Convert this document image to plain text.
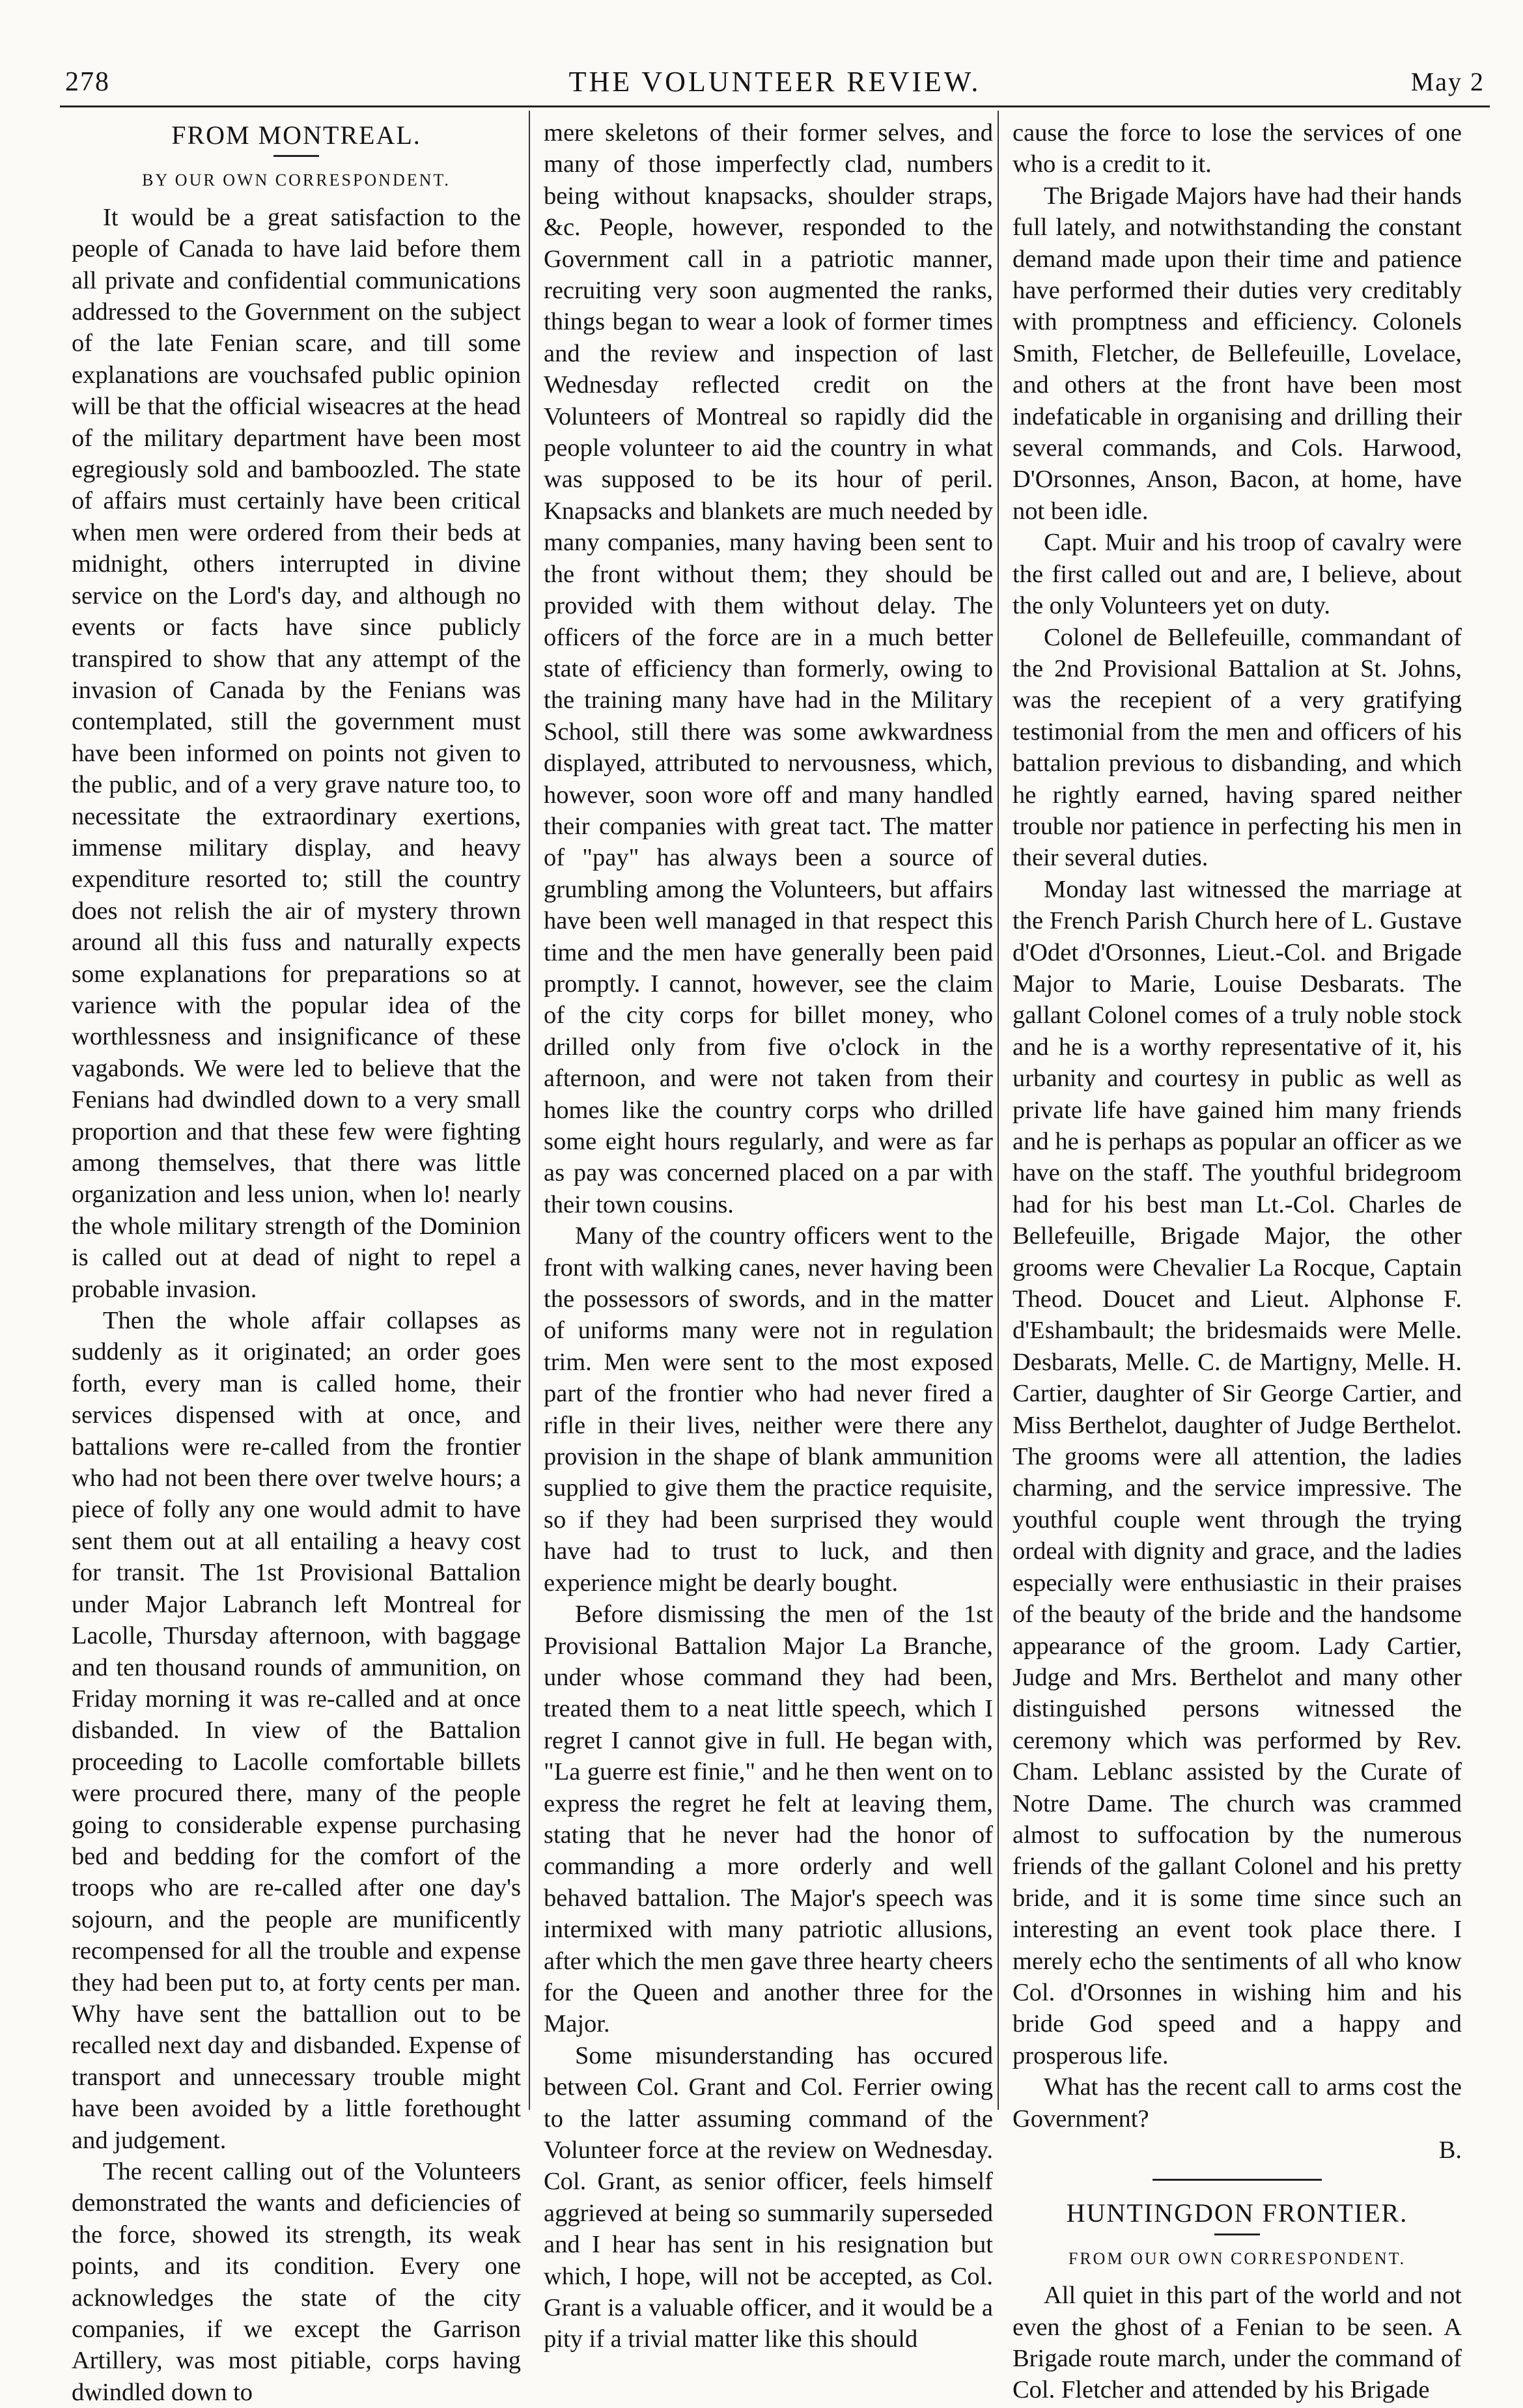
278	THE VOLUNTEER REVIEW.	May 2
FROM MONTREAL.
BY OUR OWN CORRESPONDENT.

It would be a great satisfaction to the people of Canada to have laid before them all private and confidential communications addressed to the Government on the subject of the late Fenian scare, and till some explanations are vouchsafed public opinion will be that the official wiseacres at the head of the military department have been most egregiously sold and bamboozled. The state of affairs must certainly have been critical when men were ordered from their beds at midnight, others interrupted in divine service on the Lord's day, and although no events or facts have since publicly transpired to show that any attempt of the invasion of Canada by the Fenians was contemplated, still the government must have been informed on points not given to the public, and of a very grave nature too, to necessitate the extraordinary exertions, immense military display, and heavy expenditure resorted to; still the country does not relish the air of mystery thrown around all this fuss and naturally expects some explanations for preparations so at varience with the popular idea of the worthlessness and insignificance of these vagabonds. We were led to believe that the Fenians had dwindled down to a very small proportion and that these few were fighting among themselves, that there was little organization and less union, when lo! nearly the whole military strength of the Dominion is called out at dead of night to repel a probable invasion.

Then the whole affair collapses as suddenly as it originated; an order goes forth, every man is called home, their services dispensed with at once, and battalions were re-called from the frontier who had not been there over twelve hours; a piece of folly any one would admit to have sent them out at all entailing a heavy cost for transit. The 1st Provisional Battalion under Major Labranch left Montreal for Lacolle, Thursday afternoon, with baggage and ten thousand rounds of ammunition, on Friday morning it was re-called and at once disbanded. In view of the Battalion proceeding to Lacolle comfortable billets were procured there, many of the people going to considerable expense purchasing bed and bedding for the comfort of the troops who are re-called after one day's sojourn, and the people are munificently recompensed for all the trouble and expense they had been put to, at forty cents per man. Why have sent the battallion out to be recalled next day and disbanded. Expense of transport and unnecessary trouble might have been avoided by a little forethought and judgement.

The recent calling out of the Volunteers demonstrated the wants and deficiencies of the force, showed its strength, its weak points, and its condition. Every one acknowledges the state of the city companies, if we except the Garrison Artillery, was most pitiable, corps having dwindled down to

mere skeletons of their former selves, and many of those imperfectly clad, numbers being without knapsacks, shoulder straps, &c. People, however, responded to the Government call in a patriotic manner, recruiting very soon augmented the ranks, things began to wear a look of former times and the review and inspection of last Wednesday reflected credit on the Volunteers of Montreal so rapidly did the people volunteer to aid the country in what was supposed to be its hour of peril. Knapsacks and blankets are much needed by many companies, many having been sent to the front without them; they should be provided with them without delay. The officers of the force are in a much better state of efficiency than formerly, owing to the training many have had in the Military School, still there was some awkwardness displayed, attributed to nervousness, which, however, soon wore off and many handled their companies with great tact. The matter of "pay" has always been a source of grumbling among the Volunteers, but affairs have been well managed in that respect this time and the men have generally been paid promptly. I cannot, however, see the claim of the city corps for billet money, who drilled only from five o'clock in the afternoon, and were not taken from their homes like the country corps who drilled some eight hours regularly, and were as far as pay was concerned placed on a par with their town cousins.

Many of the country officers went to the front with walking canes, never having been the possessors of swords, and in the matter of uniforms many were not in regulation trim. Men were sent to the most exposed part of the frontier who had never fired a rifle in their lives, neither were there any provision in the shape of blank ammunition supplied to give them the practice requisite, so if they had been surprised they would have had to trust to luck, and then experience might be dearly bought.

Before dismissing the men of the 1st Provisional Battalion Major La Branche, under whose command they had been, treated them to a neat little speech, which I regret I cannot give in full. He began with, "La guerre est finie," and he then went on to express the regret he felt at leaving them, stating that he never had the honor of commanding a more orderly and well behaved battalion. The Major's speech was intermixed with many patriotic allusions, after which the men gave three hearty cheers for the Queen and another three for the Major.

Some misunderstanding has occured between Col. Grant and Col. Ferrier owing to the latter assuming command of the Volunteer force at the review on Wednesday. Col. Grant, as senior officer, feels himself aggrieved at being so summarily superseded and I hear has sent in his resignation but which, I hope, will not be accepted, as Col. Grant is a valuable officer, and it would be a pity if a trivial matter like this should

cause the force to lose the services of one who is a credit to it.

The Brigade Majors have had their hands full lately, and notwithstanding the constant demand made upon their time and patience have performed their duties very creditably with promptness and efficiency. Colonels Smith, Fletcher, de Bellefeuille, Lovelace, and others at the front have been most indefaticable in organising and drilling their several commands, and Cols. Harwood, D'Orsonnes, Anson, Bacon, at home, have not been idle.

Capt. Muir and his troop of cavalry were the first called out and are, I believe, about the only Volunteers yet on duty.

Colonel de Bellefeuille, commandant of the 2nd Provisional Battalion at St. Johns, was the recepient of a very gratifying testimonial from the men and officers of his battalion previous to disbanding, and which he rightly earned, having spared neither trouble nor patience in perfecting his men in their several duties.

Monday last witnessed the marriage at the French Parish Church here of L. Gustave d'Odet d'Orsonnes, Lieut.-Col. and Brigade Major to Marie, Louise Desbarats. The gallant Colonel comes of a truly noble stock and he is a worthy representative of it, his urbanity and courtesy in public as well as private life have gained him many friends and he is perhaps as popular an officer as we have on the staff. The youthful bridegroom had for his best man Lt.-Col. Charles de Bellefeuille, Brigade Major, the other grooms were Chevalier La Rocque, Captain Theod. Doucet and Lieut. Alphonse F. d'Eshambault; the bridesmaids were Melle. Desbarats, Melle. C. de Martigny, Melle. H. Cartier, daughter of Sir George Cartier, and Miss Berthelot, daughter of Judge Berthelot. The grooms were all attention, the ladies charming, and the service impressive. The youthful couple went through the trying ordeal with dignity and grace, and the ladies especially were enthusiastic in their praises of the beauty of the bride and the handsome appearance of the groom. Lady Cartier, Judge and Mrs. Berthelot and many other distinguished persons witnessed the ceremony which was performed by Rev. Cham. Leblanc assisted by the Curate of Notre Dame. The church was crammed almost to suffocation by the numerous friends of the gallant Colonel and his pretty bride, and it is some time since such an interesting an event took place there. I merely echo the sentiments of all who know Col. d'Orsonnes in wishing him and his bride God speed and a happy and prosperous life.

What has the recent call to arms cost the Government?

B.

HUNTINGDON FRONTIER.
FROM OUR OWN CORRESPONDENT.

All quiet in this part of the world and not even the ghost of a Fenian to be seen. A Brigade route march, under the command of Col. Fletcher and attended by his Brigade
